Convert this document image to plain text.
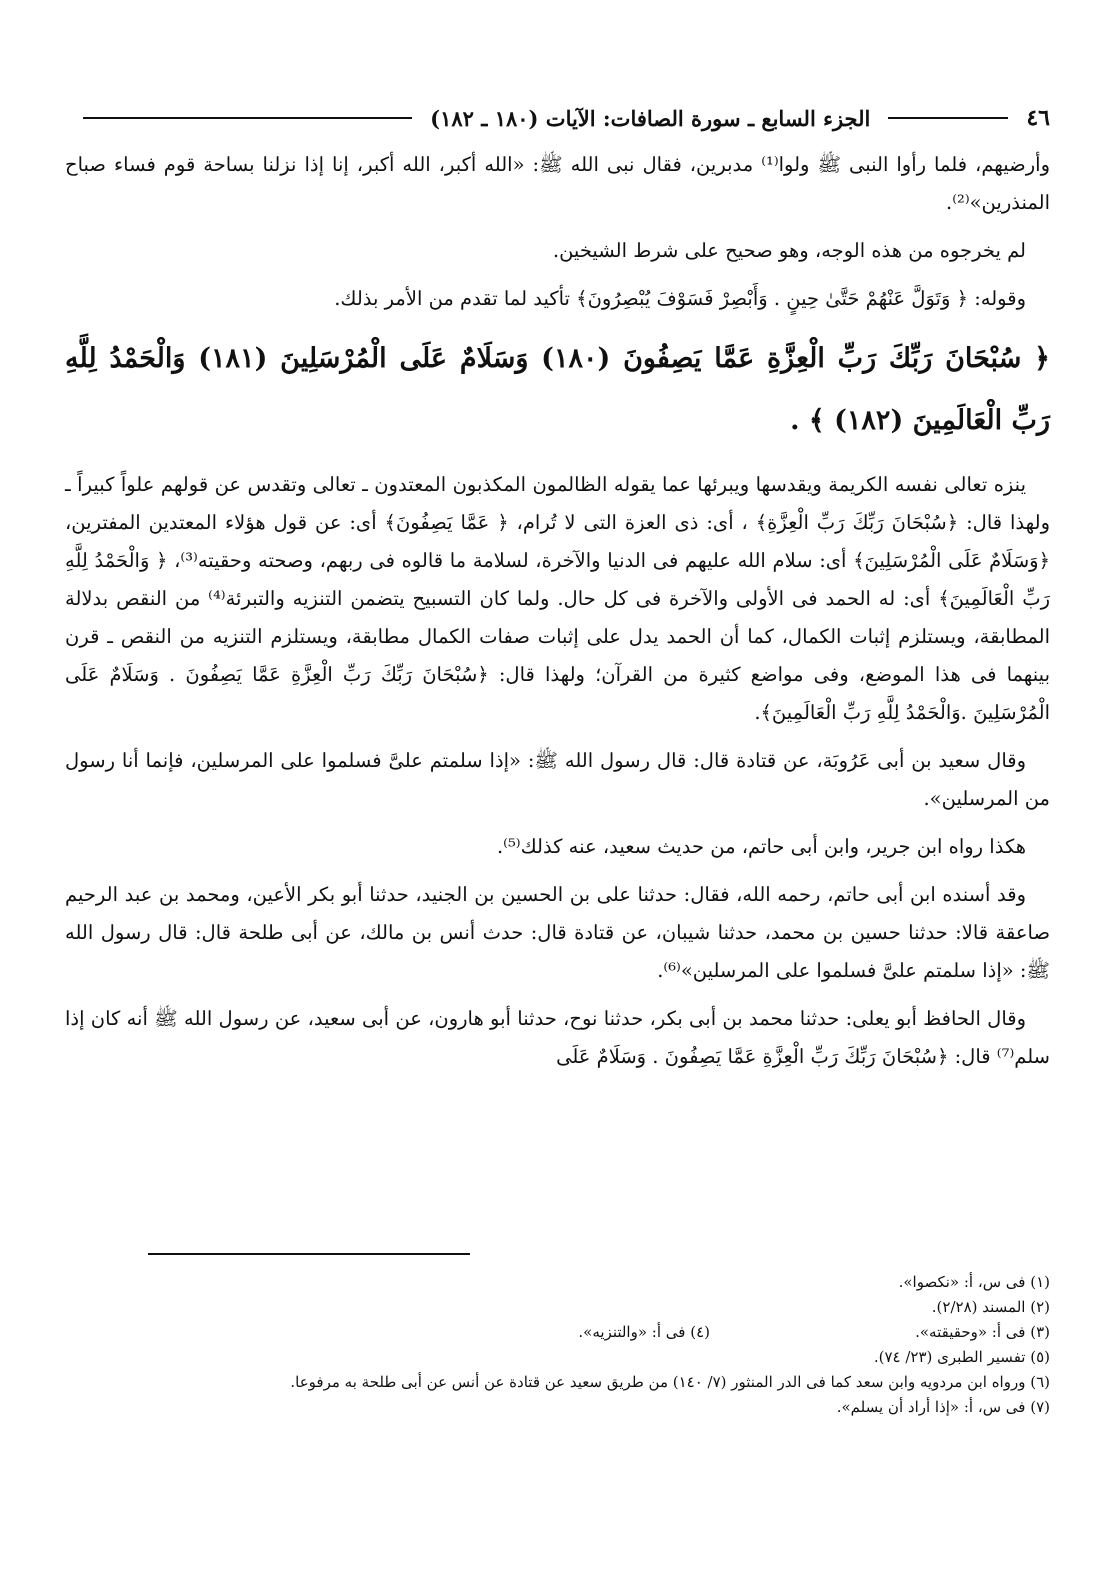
٤٦
الجزء السابع ـ سورة الصافات: الآيات (١٨٠ ـ ١٨٢)

وأرضيهم، فلما رأوا النبى ﷺ ولوا⁽¹⁾ مدبرين، فقال نبى الله ﷺ: «الله أكبر، الله أكبر، إنا إذا نزلنا بساحة قوم فساء صباح المنذرين»⁽²⁾.

لم يخرجوه من هذه الوجه، وهو صحيح على شرط الشيخين.

وقوله: ﴿ وَتَوَلَّ عَنْهُمْ حَتَّىٰ حِينٍ . وَأَبْصِرْ فَسَوْفَ يُبْصِرُونَ﴾ تأكيد لما تقدم من الأمر بذلك.

﴿ سُبْحَانَ رَبِّكَ رَبِّ الْعِزَّةِ عَمَّا يَصِفُونَ (١٨٠) وَسَلَامٌ عَلَى الْمُرْسَلِينَ (١٨١) وَالْحَمْدُ لِلَّهِ رَبِّ الْعَالَمِينَ (١٨٢) ﴾ .

ينزه تعالى نفسه الكريمة ويقدسها ويبرئها عما يقوله الظالمون المكذبون المعتدون ـ تعالى وتقدس عن قولهم علواً كبيراً ـ ولهذا قال: ﴿سُبْحَانَ رَبِّكَ رَبِّ الْعِزَّةِ﴾ ، أى: ذى العزة التى لا تُرام، ﴿ عَمَّا يَصِفُونَ﴾ أى: عن قول هؤلاء المعتدين المفترين، ﴿وَسَلَامٌ عَلَى الْمُرْسَلِينَ﴾ أى: سلام الله عليهم فى الدنيا والآخرة، لسلامة ما قالوه فى ربهم، وصحته وحقيته⁽³⁾، ﴿ وَالْحَمْدُ لِلَّهِ رَبِّ الْعَالَمِينَ﴾ أى: له الحمد فى الأولى والآخرة فى كل حال. ولما كان التسبيح يتضمن التنزيه والتبرئة⁽⁴⁾ من النقص بدلالة المطابقة، ويستلزم إثبات الكمال، كما أن الحمد يدل على إثبات صفات الكمال مطابقة، ويستلزم التنزيه من النقص ـ قرن بينهما فى هذا الموضع، وفى مواضع كثيرة من القرآن؛ ولهذا قال: ﴿سُبْحَانَ رَبِّكَ رَبِّ الْعِزَّةِ عَمَّا يَصِفُونَ . وَسَلَامٌ عَلَى الْمُرْسَلِينَ .وَالْحَمْدُ لِلَّهِ رَبِّ الْعَالَمِينَ﴾.

وقال سعيد بن أبى عَرُوبَة، عن قتادة قال: قال رسول الله ﷺ: «إذا سلمتم علىَّ فسلموا على المرسلين، فإنما أنا رسول من المرسلين».

هكذا رواه ابن جرير، وابن أبى حاتم، من حديث سعيد، عنه كذلك⁽⁵⁾.

وقد أسنده ابن أبى حاتم، رحمه الله، فقال: حدثنا على بن الحسين بن الجنيد، حدثنا أبو بكر الأعين، ومحمد بن عبد الرحيم صاعقة قالا: حدثنا حسين بن محمد، حدثنا شيبان، عن قتادة قال: حدث أنس بن مالك، عن أبى طلحة قال: قال رسول الله ﷺ: «إذا سلمتم علىَّ فسلموا على المرسلين»⁽⁶⁾.

وقال الحافظ أبو يعلى: حدثنا محمد بن أبى بكر، حدثنا نوح، حدثنا أبو هارون، عن أبى سعيد، عن رسول الله ﷺ أنه كان إذا سلم⁽⁷⁾ قال: ﴿سُبْحَانَ رَبِّكَ رَبِّ الْعِزَّةِ عَمَّا يَصِفُونَ . وَسَلَامٌ عَلَى

(١) فى س، أ: «نكصوا».

(٢) المسند (٢/٢٨).

(٣) فى أ: «وحقيقته».
(٤) فى أ: «والتنزيه».

(٥) تفسير الطبرى (٢٣/ ٧٤).

(٦) ورواه ابن مردويه وابن سعد كما فى الدر المنثور (٧/ ١٤٠) من طريق سعيد عن قتادة عن أنس عن أبى طلحة به مرفوعا.

(٧) فى س، أ: «إذا أراد أن يسلم».
